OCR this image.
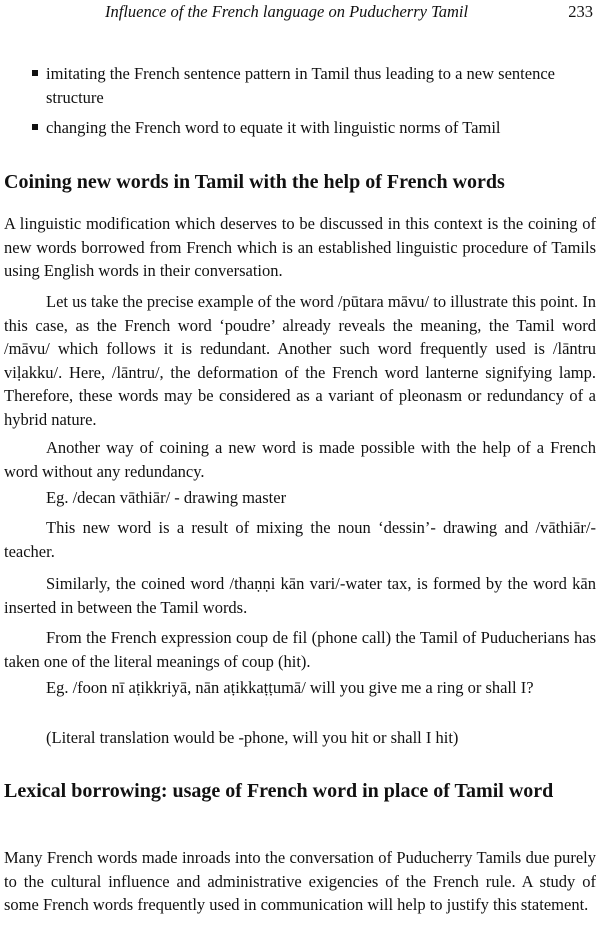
Influence of the French language on Puducherry Tamil	233
imitating the French sentence pattern in Tamil thus leading to a new sentence structure
changing the French word to equate it with linguistic norms of Tamil
Coining new words in Tamil with the help of French words

A linguistic modification which deserves to be discussed in this context is the coining of new words borrowed from French which is an established linguistic procedure of Tamils using English words in their conversation.

Let us take the precise example of the word /pūtara māvu/ to illustrate this point. In this case, as the French word ‘poudre’ already reveals the meaning, the Tamil word /māvu/ which follows it is redundant. Another such word frequently used is /lāntru viḷakku/. Here, /lāntru/, the deformation of the French word lanterne signifying lamp. Therefore, these words may be considered as a variant of pleonasm or redundancy of a hybrid nature.

Another way of coining a new word is made possible with the help of a French word without any redundancy.

Eg. /decan vāthiār/ - drawing master

This new word is a result of mixing the noun ‘dessin’- drawing and /vāthiār/-teacher.

Similarly, the coined word /thaṇṇi kān vari/-water tax, is formed by the word kān inserted in between the Tamil words.

From the French expression coup de fil (phone call) the Tamil of Puducherians has taken one of the literal meanings of coup (hit).

Eg. /foon nī aṭikkriyā, nān aṭikkaṭṭumā/ will you give me a ring or shall I?

(Literal translation would be -phone, will you hit or shall I hit)

Lexical borrowing: usage of French word in place of Tamil word

Many French words made inroads into the conversation of Puducherry Tamils due purely to the cultural influence and administrative exigencies of the French rule. A study of some French words frequently used in communication will help to justify this statement.
